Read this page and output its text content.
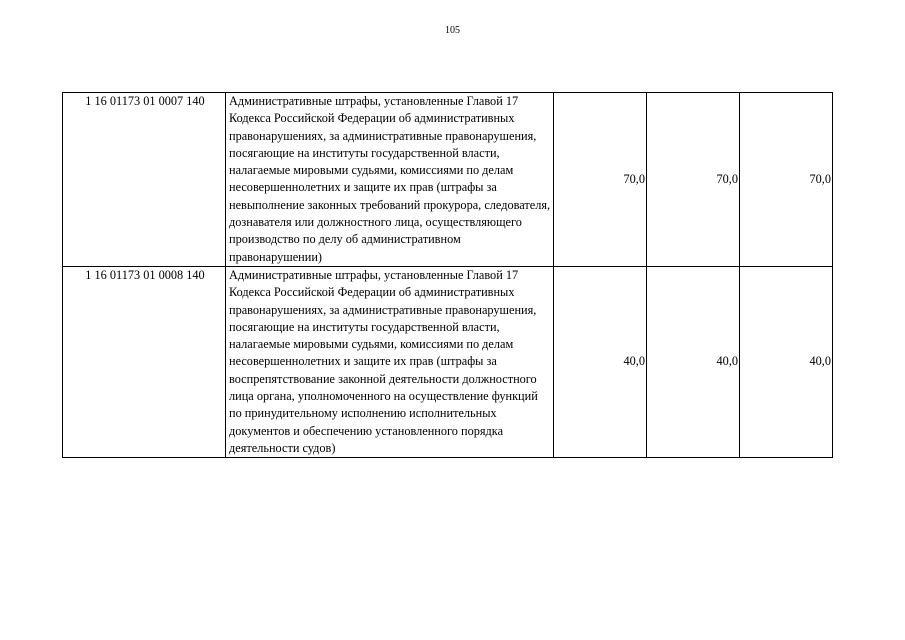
105
1 16 01173 01 0007 140	Административные штрафы, установленные Главой 17 Кодекса Российской Федерации об административных правонарушениях, за административные правонарушения, посягающие на институты государственной власти, налагаемые мировыми судьями, комиссиями по делам несовершеннолетних и защите их прав (штрафы за невыполнение законных требований прокурора, следователя, дознавателя или должностного лица, осуществляющего производство по делу об административном правонарушении)	70,0	70,0	70,0
1 16 01173 01 0008 140	Административные штрафы, установленные Главой 17 Кодекса Российской Федерации об административных правонарушениях, за административные правонарушения, посягающие на институты государственной власти, налагаемые мировыми судьями, комиссиями по делам несовершеннолетних и защите их прав (штрафы за воспрепятствование законной деятельности должностного лица органа, уполномоченного на осуществление функций по принудительному исполнению исполнительных документов и обеспечению установленного порядка деятельности судов)	40,0	40,0	40,0
